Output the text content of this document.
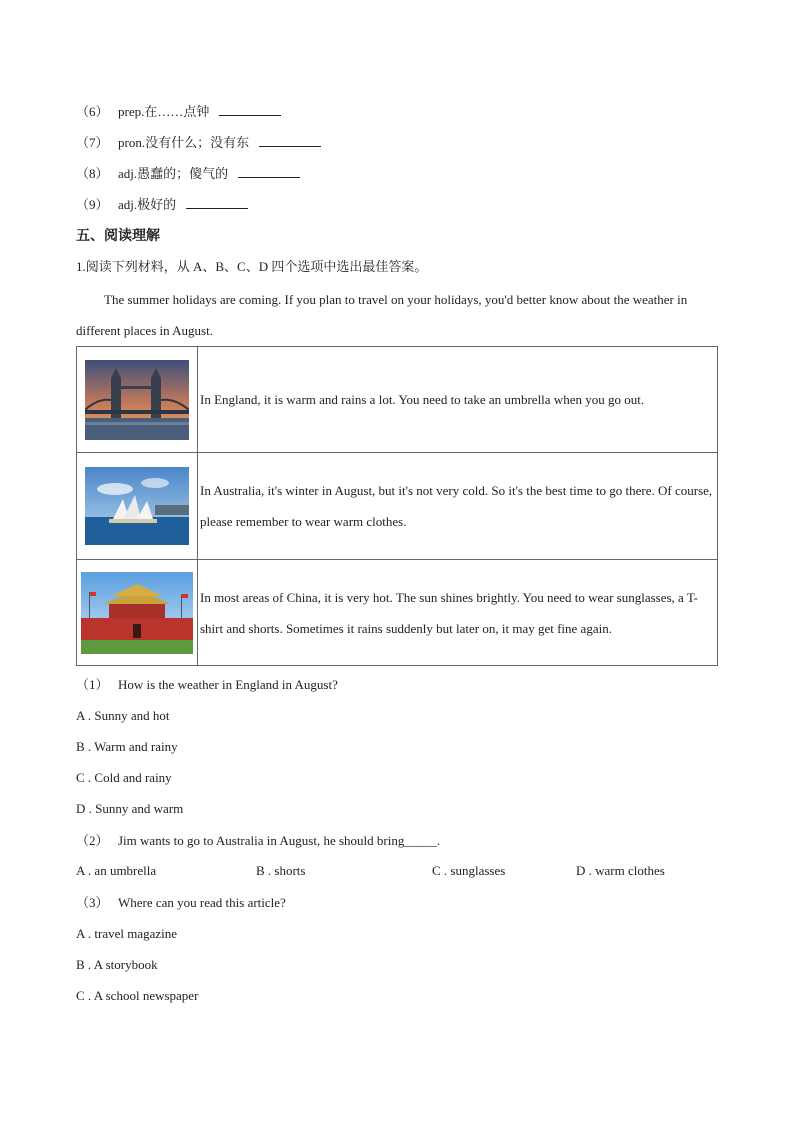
（6） prep.在……点钟
（7） pron.没有什么；没有东
（8） adj.愚蠢的；傻气的
（9） adj.极好的
五、阅读理解
1.阅读下列材料，从 A、B、C、D 四个选项中选出最佳答案。
The summer holidays are coming. If you plan to travel on your holidays, you'd better know about the weather in different places in August.
	In England, it is warm and rains a lot. You need to take an umbrella when you go out.

	In Australia, it's winter in August, but it's not very cold. So it's the best time to go there. Of course, please remember to wear warm clothes.

	In most areas of China, it is very hot. The sun shines brightly. You need to wear sunglasses, a T-shirt and shorts. Sometimes it rains suddenly but later on, it may get fine again.
（1） How is the weather in England in August?
A . Sunny and hot
B . Warm and rainy
C . Cold and rainy
D . Sunny and warm
（2） Jim wants to go to Australia in August, he should bring_____.
A . an umbrella	B . shorts	C . sunglasses	D . warm clothes
（3） Where can you read this article?
A . travel magazine
B . A storybook
C . A school newspaper
